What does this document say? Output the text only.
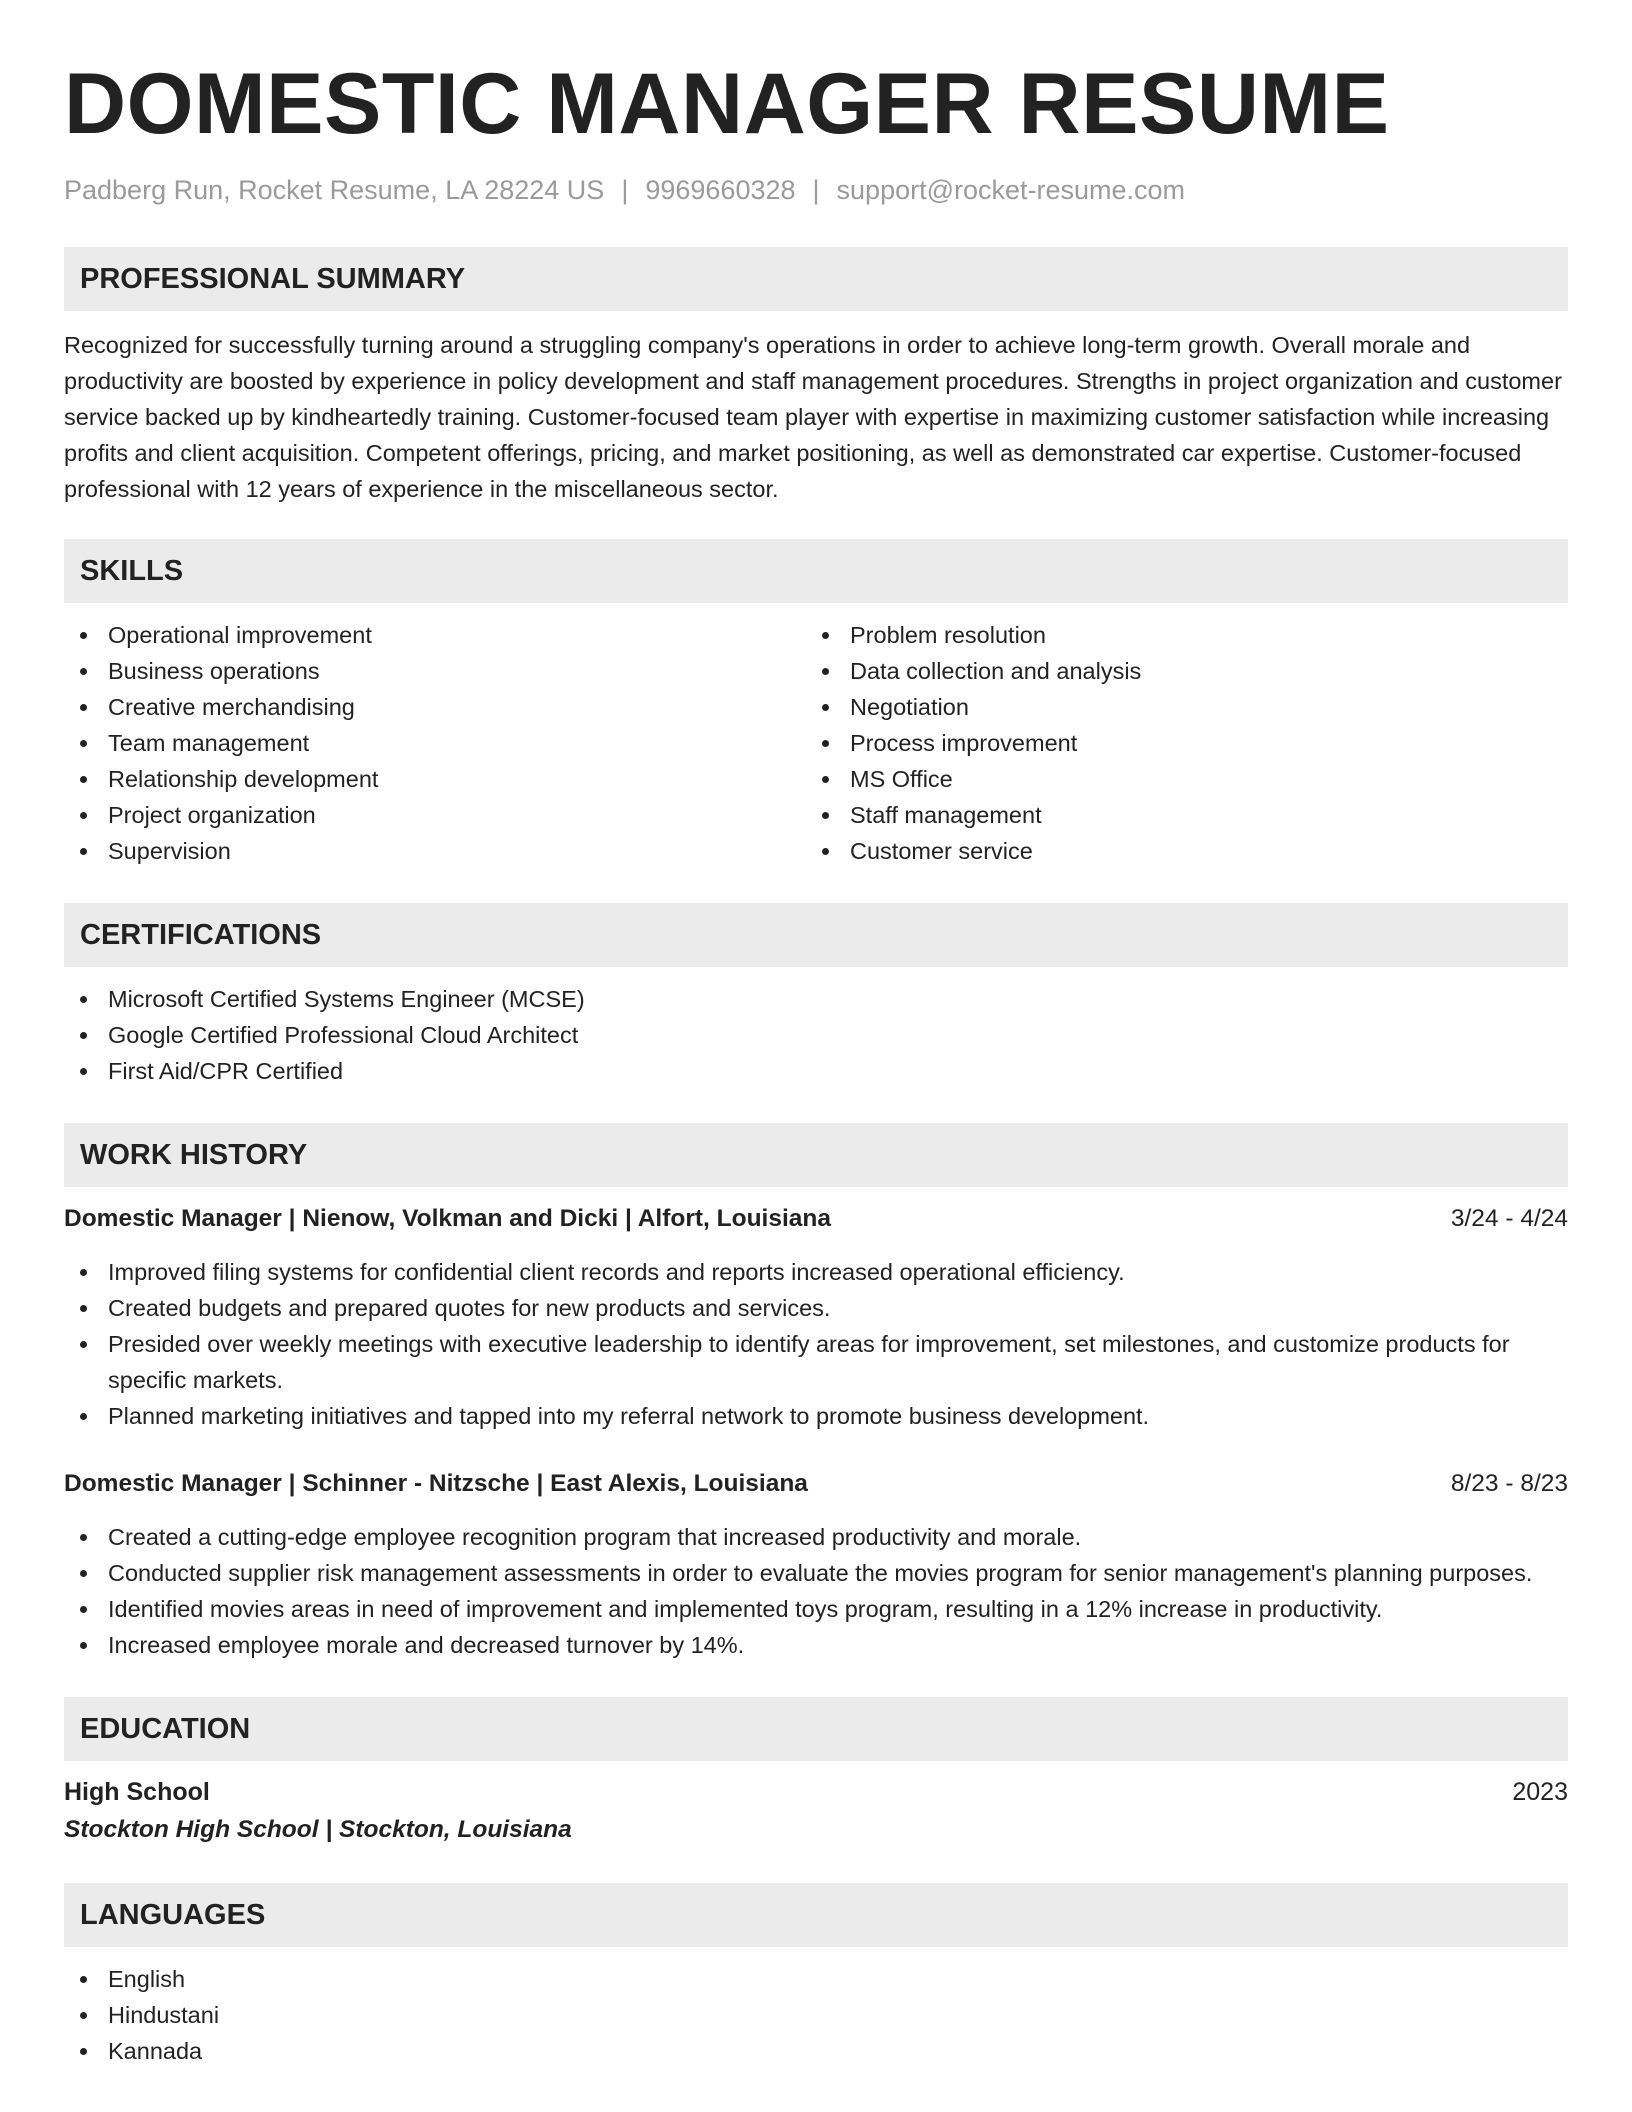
DOMESTIC MANAGER RESUME
Padberg Run, Rocket Resume, LA 28224 US | 9969660328 | support@rocket-resume.com
PROFESSIONAL SUMMARY

Recognized for successfully turning around a struggling company's operations in order to achieve long-term growth. Overall morale and productivity are boosted by experience in policy development and staff management procedures. Strengths in project organization and customer service backed up by kindheartedly training. Customer-focused team player with expertise in maximizing customer satisfaction while increasing profits and client acquisition. Competent offerings, pricing, and market positioning, as well as demonstrated car expertise. Customer-focused professional with 12 years of experience in the miscellaneous sector.

SKILLS
Operational improvement
Business operations
Creative merchandising
Team management
Relationship development
Project organization
Supervision
Problem resolution
Data collection and analysis
Negotiation
Process improvement
MS Office
Staff management
Customer service
CERTIFICATIONS
Microsoft Certified Systems Engineer (MCSE)
Google Certified Professional Cloud Architect
First Aid/CPR Certified
WORK HISTORY
Domestic Manager | Nienow, Volkman and Dicki | Alfort, Louisiana	3/24 - 4/24
Improved filing systems for confidential client records and reports increased operational efficiency.
Created budgets and prepared quotes for new products and services.
Presided over weekly meetings with executive leadership to identify areas for improvement, set milestones, and customize products for specific markets.
Planned marketing initiatives and tapped into my referral network to promote business development.
Domestic Manager | Schinner - Nitzsche | East Alexis, Louisiana	8/23 - 8/23
Created a cutting-edge employee recognition program that increased productivity and morale.
Conducted supplier risk management assessments in order to evaluate the movies program for senior management's planning purposes.
Identified movies areas in need of improvement and implemented toys program, resulting in a 12% increase in productivity.
Increased employee morale and decreased turnover by 14%.
EDUCATION
High School	2023
Stockton High School | Stockton, Louisiana
LANGUAGES
English
Hindustani
Kannada
